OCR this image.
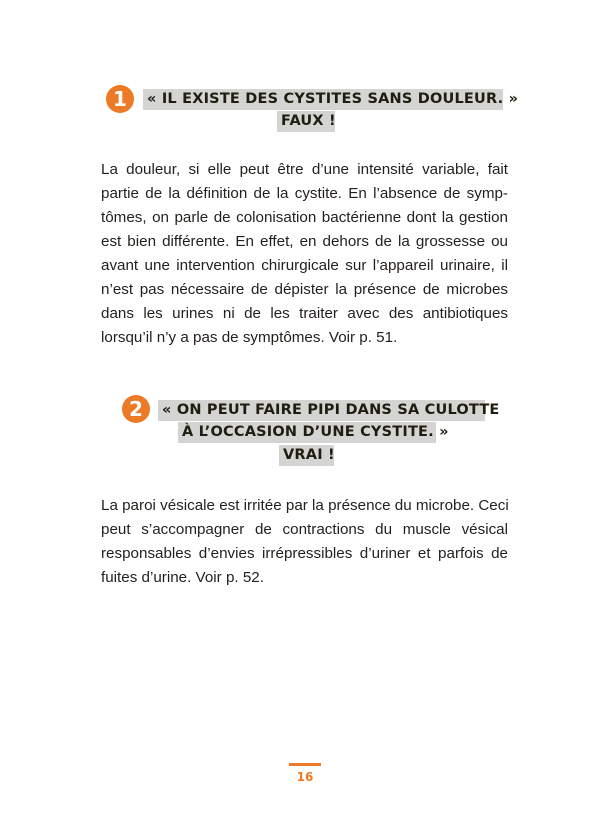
1	« IL EXISTE DES CYSTITES SANS DOULEUR. »
FAUX !
La douleur, si elle peut être d’une intensité variable, fait
partie de la définition de la cystite. En l’absence de symp-
tômes, on parle de colonisation bactérienne dont la gestion
est bien différente. En effet, en dehors de la grossesse ou
avant une intervention chirurgicale sur l’appareil urinaire, il
n’est pas nécessaire de dépister la présence de microbes
dans les urines ni de les traiter avec des antibiotiques
lorsqu’il n’y a pas de symptômes. Voir p. 51.
2	« ON PEUT FAIRE PIPI DANS SA CULOTTE
À L’OCCASION D’UNE CYSTITE. »
VRAI !
La paroi vésicale est irritée par la présence du microbe. Ceci
peut s’accompagner de contractions du muscle vésical
responsables d’envies irrépressibles d’uriner et parfois de
fuites d’urine. Voir p. 52.
16
